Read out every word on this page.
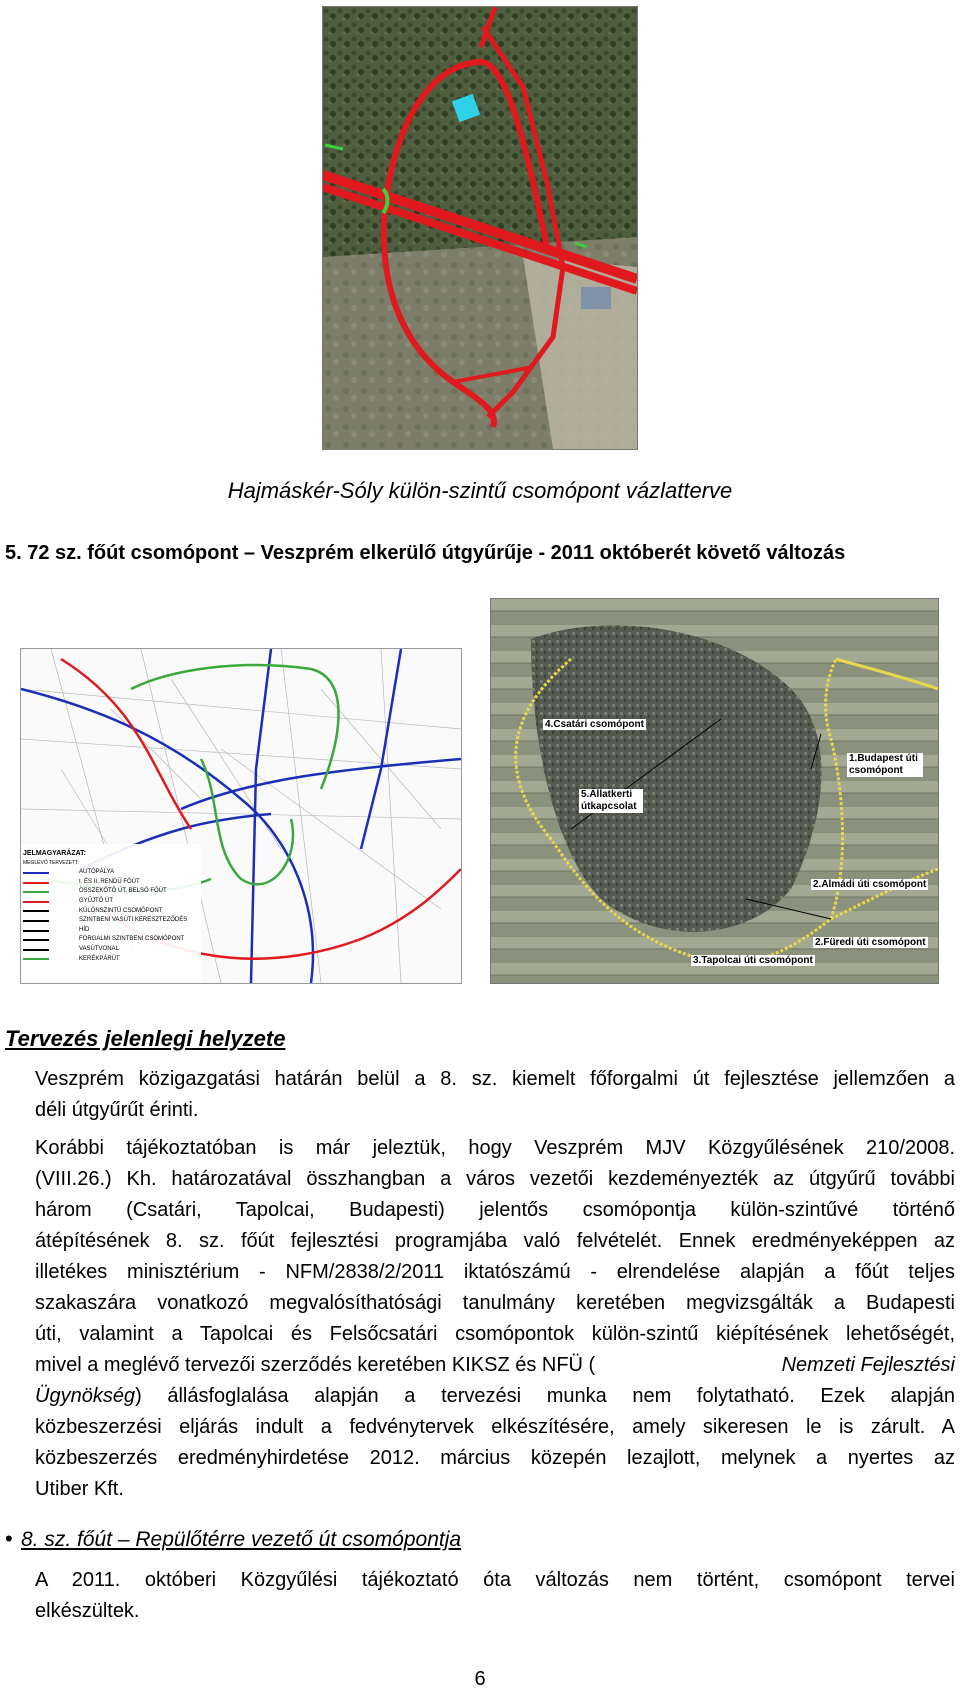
Hajmáskér-Sóly külön-szintű csomópont vázlatterve
5. 72 sz. főút csomópont – Veszprém elkerülő útgyűrűje - 2011 októberét követő változás
JELMAGYARÁZAT:
MEGLÉVŐ TERVEZETT:
AUTÓPÁLYA
I. ÉS II. RENDŰ FŐÚT
ÖSSZEKÖTŐ ÚT, BELSŐ FŐÚT
GYŰJTŐ ÚT
KÜLÖNSZINTŰ CSOMÓPONT
SZINTBENI VASÚTI KERESZTEZŐDÉS
HÍD
FORGALMI SZINTBENI CSOMÓPONT
VASÚTVONAL
KERÉKPÁRÚT
4.Csatári csomópont
1.Budapest úti csomópont
5.Állatkerti útkapcsolat
2.Almádi úti csomópont
2.Füredi úti csomópont
3.Tapolcai úti csomópont
Tervezés jelenlegi helyzete
Veszprém közigazgatási határán belül a 8. sz. kiemelt főforgalmi út fejlesztése jellemzően a
déli útgyűrűt érinti.
Korábbi tájékoztatóban is már jeleztük, hogy Veszprém MJV Közgyűlésének 210/2008.
(VIII.26.) Kh. határozatával összhangban a város vezetői kezdeményezték az útgyűrű további
három (Csatári, Tapolcai, Budapesti) jelentős csomópontja külön-szintűvé történő
átépítésének 8. sz. főút fejlesztési programjába való felvételét. Ennek eredményeképpen az
illetékes minisztérium - NFM/2838/2/2011 iktatószámú - elrendelése alapján a főút teljes
szakaszára vonatkozó megvalósíthatósági tanulmány keretében megvizsgálták a Budapesti
úti, valamint a Tapolcai és Felsőcsatári csomópontok külön-szintű kiépítésének lehetőségét,
mivel a meglévő tervezői szerződés keretében KIKSZ és NFÜ (	Nemzeti Fejlesztési
Ügynökség ) állásfoglalása alapján a tervezési munka nem folytatható. Ezek alapján
közbeszerzési eljárás indult a fedvénytervek elkészítésére, amely sikeresen le is zárult. A
közbeszerzés eredményhirdetése 2012. március közepén lezajlott, melynek a nyertes az
Utiber Kft.
• 8. sz. főút – Repülőtérre vezető út csomópontja
A 2011. októberi Közgyűlési tájékoztató óta változás nem történt, csomópont tervei
elkészültek.
6
